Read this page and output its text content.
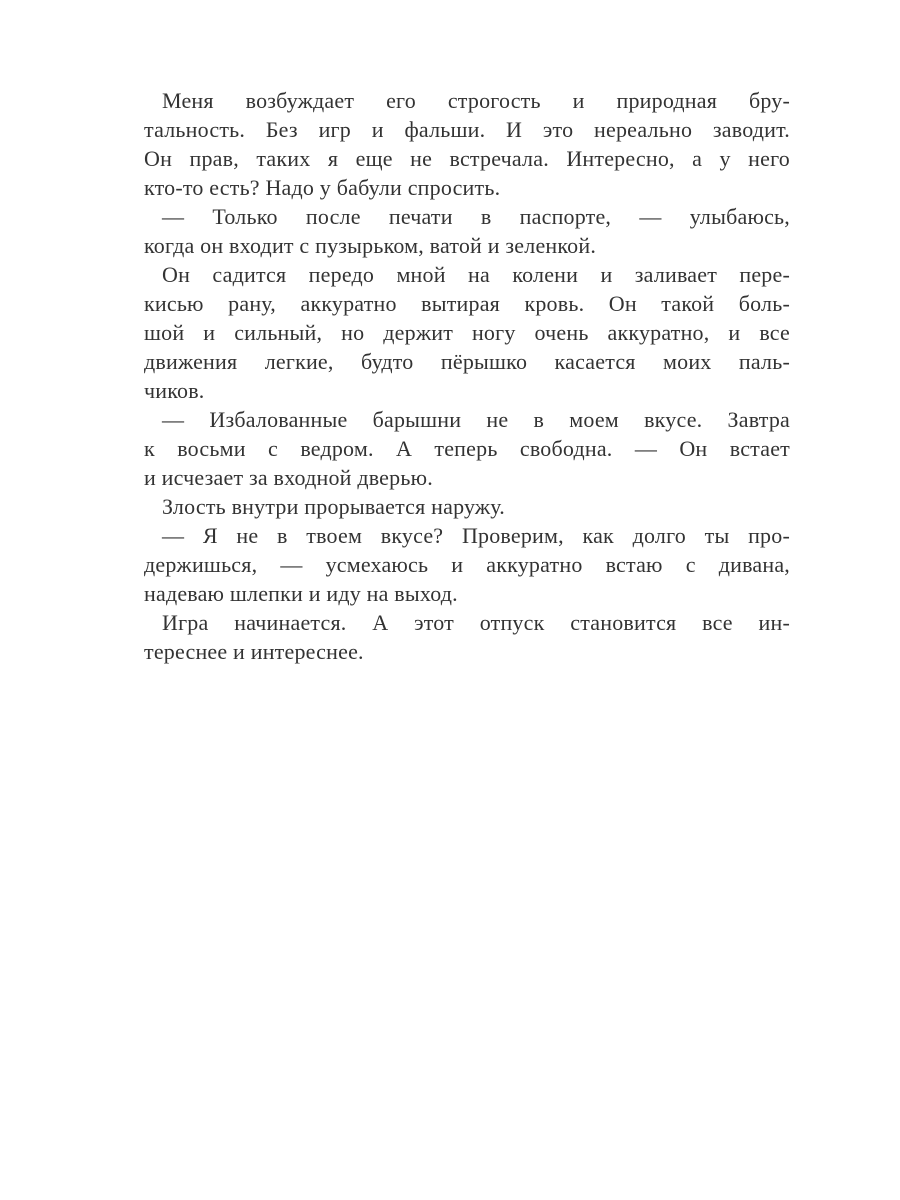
Меня возбуждает его строгость и природная бру-
тальность. Без игр и фальши. И это нереально заводит.
Он прав, таких я еще не встречала. Интересно, а у него
кто-то есть? Надо у бабули спросить.
— Только после печати в паспорте, — улыбаюсь,
когда он входит с пузырьком, ватой и зеленкой.
Он садится передо мной на колени и заливает пере-
кисью рану, аккуратно вытирая кровь. Он такой боль-
шой и сильный, но держит ногу очень аккуратно, и все
движения легкие, будто пёрышко касается моих паль-
чиков.
— Избалованные барышни не в моем вкусе. Завтра
к восьми с ведром. А теперь свободна. — Он встает
и исчезает за входной дверью.
Злость внутри прорывается наружу.
— Я не в твоем вкусе? Проверим, как долго ты про-
держишься, — усмехаюсь и аккуратно встаю с дивана,
надеваю шлепки и иду на выход.
Игра начинается. А этот отпуск становится все ин-
тереснее и интереснее.
